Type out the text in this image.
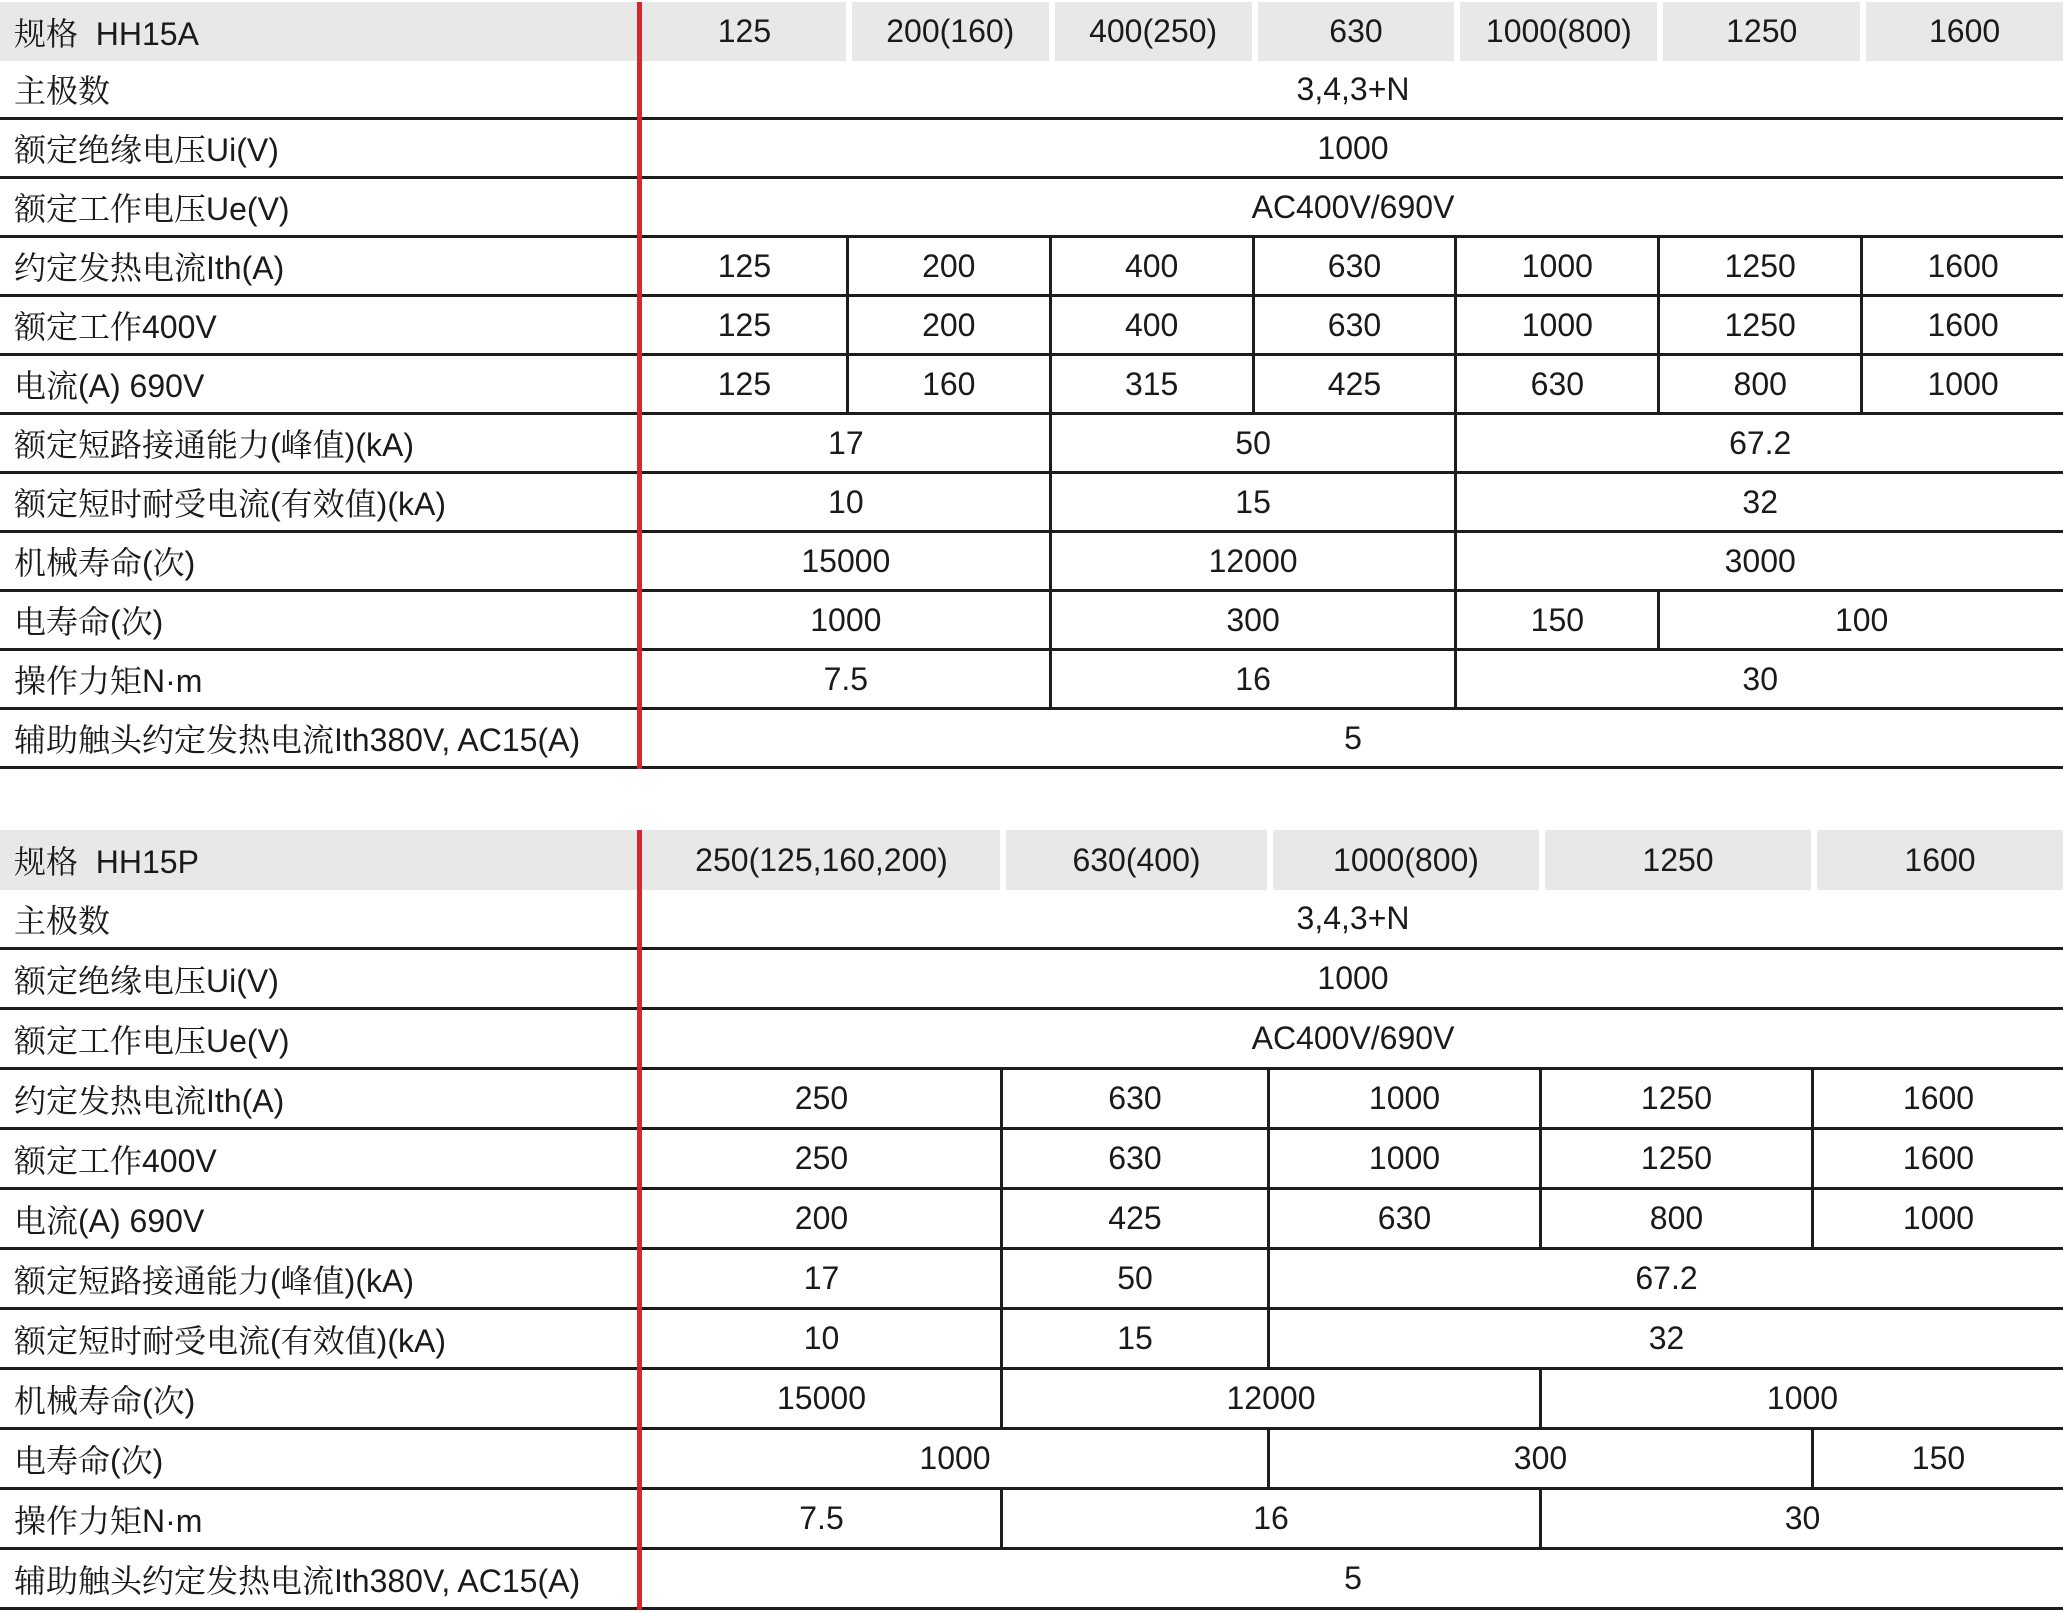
规格  HH15A	125	200(160)	400(250)	630	1000(800)	1250	1600
主极数	3,4,3+N
额定绝缘电压Ui(V)	1000
额定工作电压Ue(V)	AC400V/690V
约定发热电流Ith(A)	125	200	400	630	1000	1250	1600
额定工作400V	125	200	400	630	1000	1250	1600
电流(A) 690V	125	160	315	425	630	800	1000
额定短路接通能力(峰值)(kA)	17	50	67.2
额定短时耐受电流(有效值)(kA)	10	15	32
机械寿命(次)	15000	12000	3000
电寿命(次)	1000	300	150	100
操作力矩N·m	7.5	16	30
辅助触头约定发热电流Ith380V, AC15(A)	5
规格  HH15P	250(125,160,200)	630(400)	1000(800)	1250	1600
主极数	3,4,3+N
额定绝缘电压Ui(V)	1000
额定工作电压Ue(V)	AC400V/690V
约定发热电流Ith(A)	250	630	1000	1250	1600
额定工作400V	250	630	1000	1250	1600
电流(A) 690V	200	425	630	800	1000
额定短路接通能力(峰值)(kA)	17	50	67.2
额定短时耐受电流(有效值)(kA)	10	15	32
机械寿命(次)	15000	12000	1000
电寿命(次)	1000	300	150
操作力矩N·m	7.5	16	30
辅助触头约定发热电流Ith380V, AC15(A)	5
